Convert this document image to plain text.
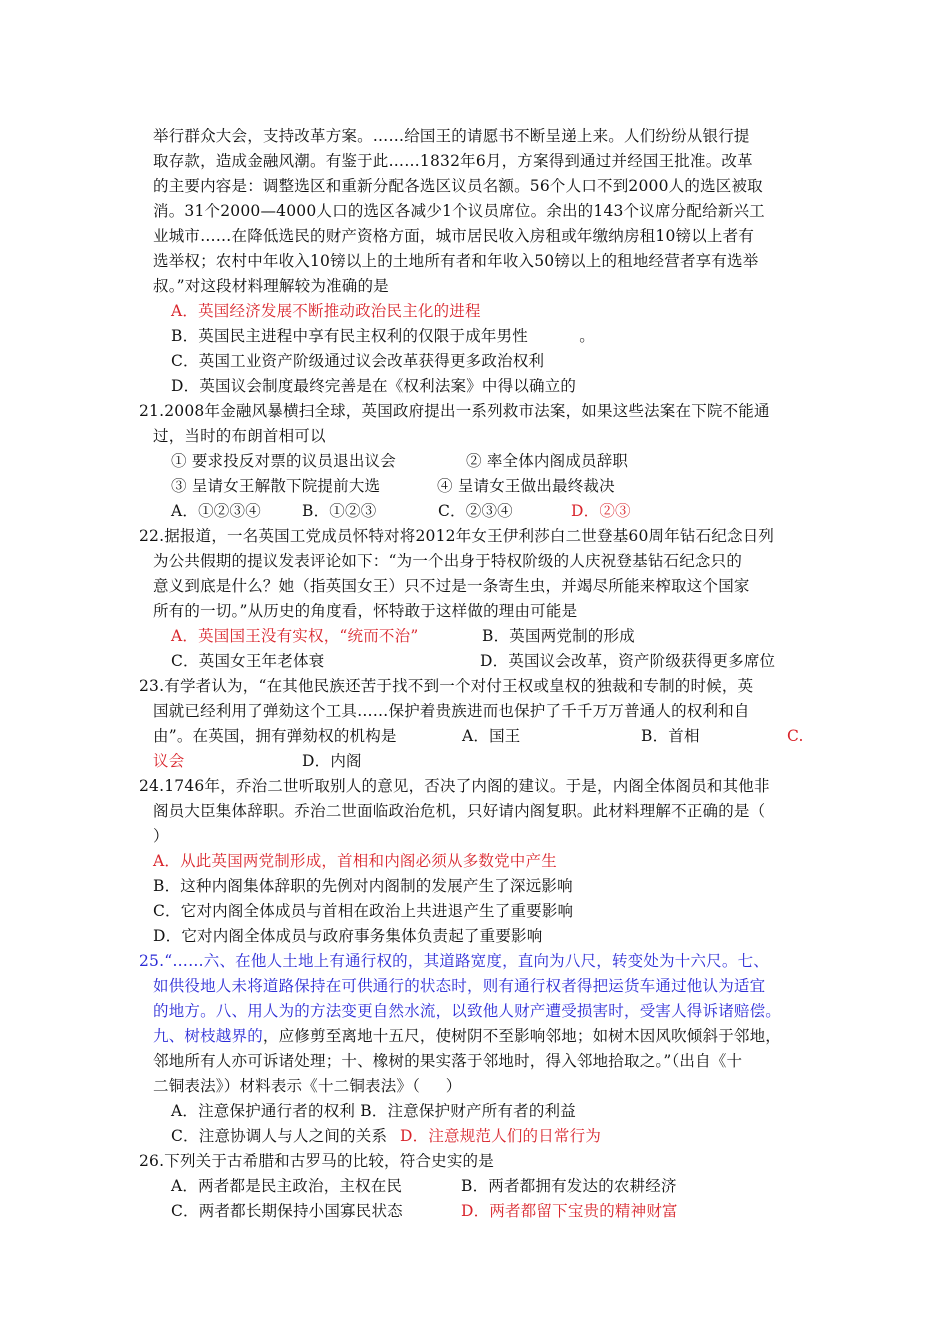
举行群众大会，支持改革方案。……给国王的请愿书不断呈递上来。人们纷纷从银行提
取存款，造成金融风潮。有鉴于此……1832年6月，方案得到通过并经国王批准。改革
的主要内容是：调整选区和重新分配各选区议员名额。56个人口不到2000人的选区被取
消。31个2000—4000人口的选区各减少1个议员席位。余出的143个议席分配给新兴工
业城市……在降低选民的财产资格方面，城市居民收入房租或年缴纳房租10镑以上者有
选举权；农村中年收入10镑以上的土地所有者和年收入50镑以上的租地经营者享有选举
叔。”对这段材料理解较为准确的是
A．英国经济发展不断推动政治民主化的进程
B．英国民主进程中享有民主权利的仅限于成年男性          。
C．英国工业资产阶级通过议会改革获得更多政治权利
D．英国议会制度最终完善是在《权利法案》中得以确立的
21.2008年金融风暴横扫全球，英国政府提出一系列救市法案，如果这些法案在下院不能通
过，当时的布朗首相可以
① 要求投反对票的议员退出议会	② 率全体内阁成员辞职
③ 呈请女王解散下院提前大选	④ 呈请女王做出最终裁决
A．①②③④	B．①②③	C．②③④	D．②③
22.据报道，一名英国工党成员怀特对将2012年女王伊利莎白二世登基60周年钻石纪念日列
为公共假期的提议发表评论如下：“为一个出身于特权阶级的人庆祝登基钻石纪念只的
意义到底是什么？她（指英国女王）只不过是一条寄生虫，并竭尽所能来榨取这个国家
所有的一切。”从历史的角度看，怀特敢于这样做的理由可能是
A．英国国王没有实权，“统而不治”	B．英国两党制的形成
C．英国女王年老体衰	D．英国议会改革，资产阶级获得更多席位
23.有学者认为，“在其他民族还苦于找不到一个对付王权或皇权的独裁和专制的时候，英
国就已经利用了弹劾这个工具……保护着贵族进而也保护了千千万万普通人的权利和自
由”。在英国，拥有弹劾权的机构是	A．国王	B．首相	C.
议会	D．内阁
24.1746年，乔治二世听取别人的意见，否决了内阁的建议。于是，内阁全体阁员和其他非
阁员大臣集体辞职。乔治二世面临政治危机，只好请内阁复职。此材料理解不正确的是（
）
A．从此英国两党制形成，首相和内阁必须从多数党中产生
B．这种内阁集体辞职的先例对内阁制的发展产生了深远影响
C．它对内阁全体成员与首相在政治上共进退产生了重要影响
D．它对内阁全体成员与政府事务集体负责起了重要影响
25.“……六、在他人土地上有通行权的，其道路宽度，直向为八尺，转变处为十六尺。七、
如供役地人未将道路保持在可供通行的状态时，则有通行权者得把运货车通过他认为适宜
的地方。八、用人为的方法变更自然水流，以致他人财产遭受损害时，受害人得诉诸赔偿。
九、树枝越界的，应修剪至离地十五尺，使树阴不至影响邻地；如树木因风吹倾斜于邻地，
邻地所有人亦可诉诸处理；十、橡树的果实落于邻地时，得入邻地拾取之。”（出自《十
二铜表法》）材料表示《十二铜表法》（     ）
A．注意保护通行者的权利 B．注意保护财产所有者的利益
C．注意协调人与人之间的关系 D．注意规范人们的日常行为
26.下列关于古希腊和古罗马的比较，符合史实的是
A．两者都是民主政治，主权在民	B．两者都拥有发达的农耕经济
C．两者都长期保持小国寡民状态	D．两者都留下宝贵的精神财富
